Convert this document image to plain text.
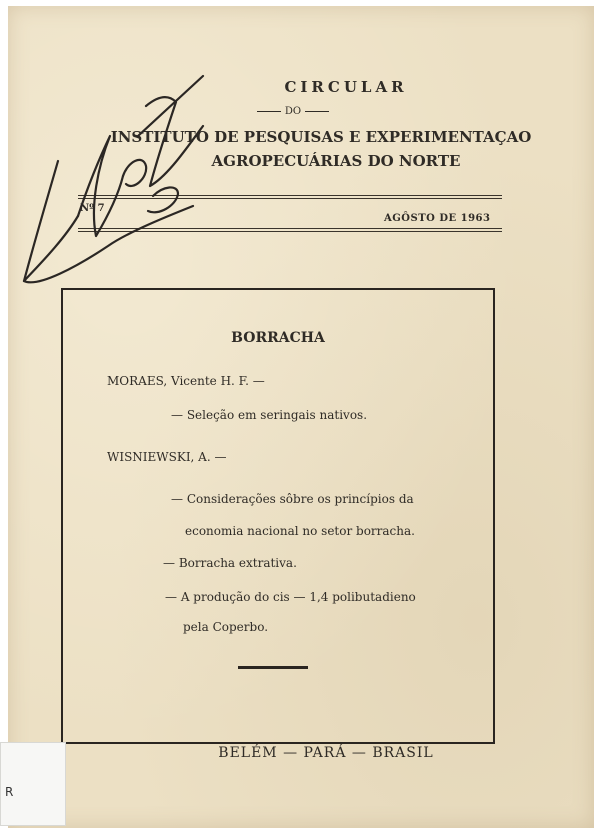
CIRCULAR
DO
INSTITUTO DE PESQUISAS E EXPERIMENTAÇAO
AGROPECUÁRIAS DO NORTE
Nº 7
AGÔSTO DE 1963
BORRACHA
MORAES, Vicente H. F. —
— Seleção em seringais nativos.
WISNIEWSKI, A. —
— Considerações sôbre os princípios da
economia nacional no setor borracha.
— Borracha extrativa.
— A produção do cis — 1,4 polibutadieno
pela Coperbo.
BELÉM — PARÁ — BRASIL
R
